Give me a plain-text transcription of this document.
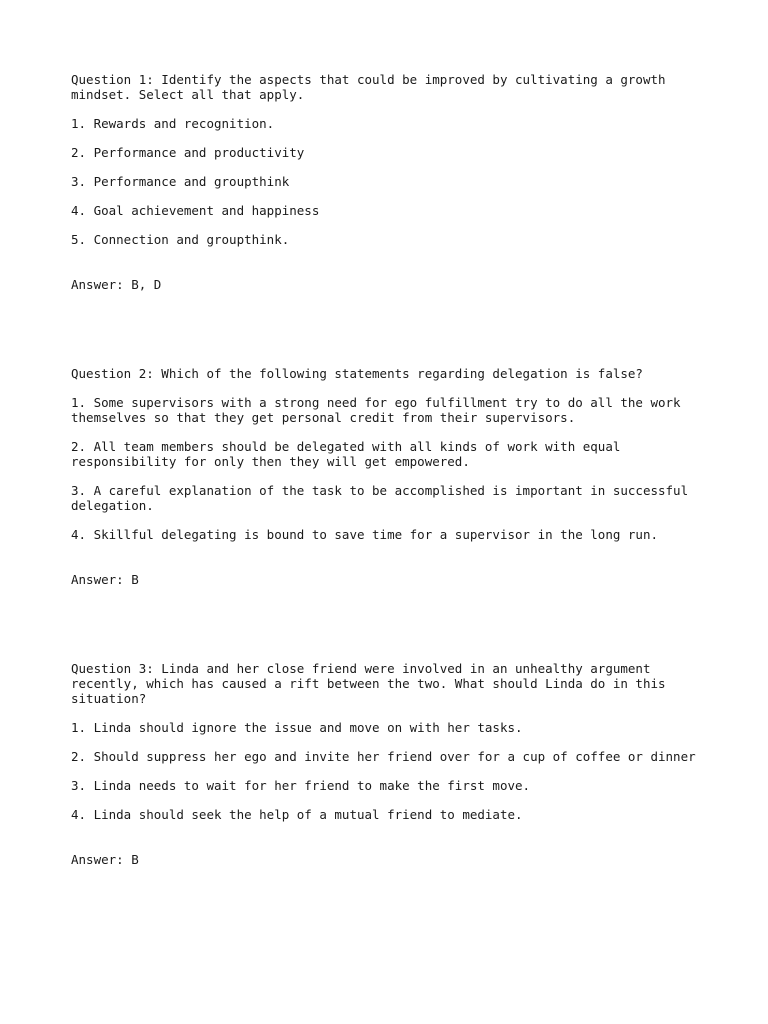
Question 1: Identify the aspects that could be improved by cultivating a growth mindset. Select all that apply.

1. Rewards and recognition.

2. Performance and productivity

3. Performance and groupthink

4. Goal achievement and happiness

5. Connection and groupthink.

Answer: B, D

Question 2: Which of the following statements regarding delegation is false?

1. Some supervisors with a strong need for ego fulfillment try to do all the work themselves so that they get personal credit from their supervisors.

2. All team members should be delegated with all kinds of work with equal responsibility for only then they will get empowered.

3. A careful explanation of the task to be accomplished is important in successful delegation.

4. Skillful delegating is bound to save time for a supervisor in the long run.

Answer: B

Question 3: Linda and her close friend were involved in an unhealthy argument recently, which has caused a rift between the two. What should Linda do in this situation?

1. Linda should ignore the issue and move on with her tasks.

2. Should suppress her ego and invite her friend over for a cup of coffee or dinner

3. Linda needs to wait for her friend to make the first move.

4. Linda should seek the help of a mutual friend to mediate.

Answer: B
